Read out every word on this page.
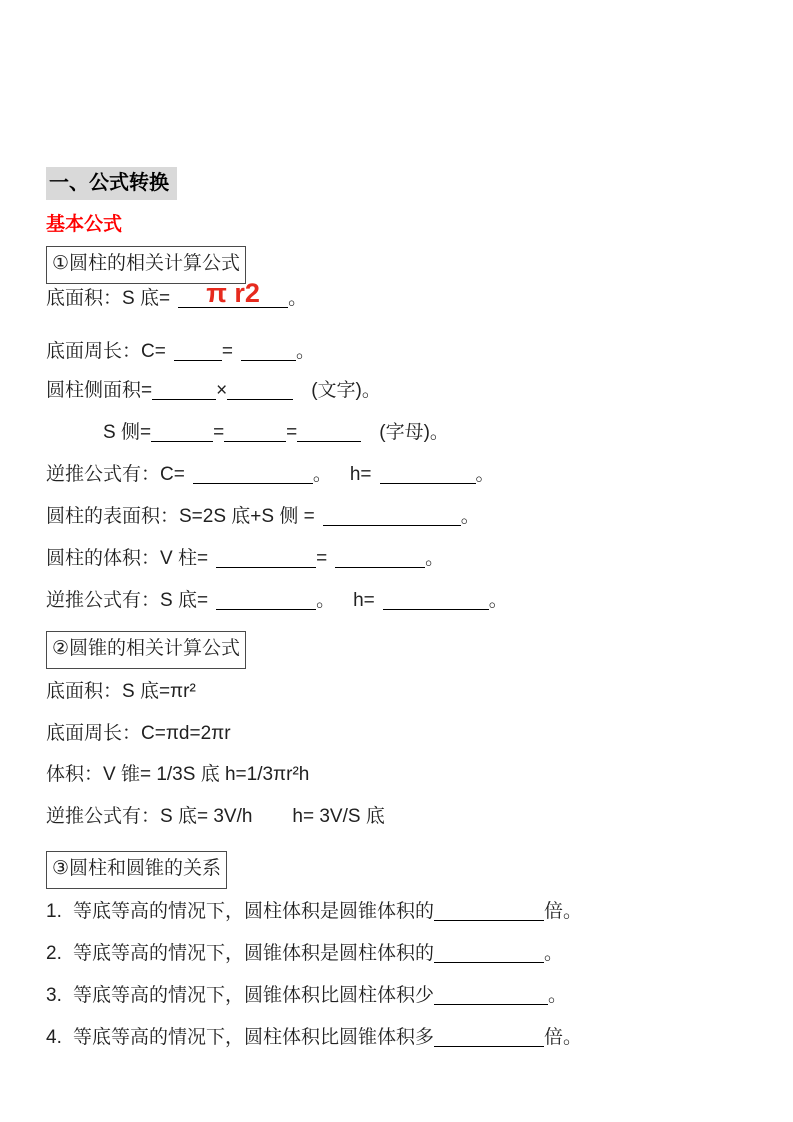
一、公式转换
基本公式
①圆柱的相关计算公式
底面积：S 底=	π r2	。
底面周长：C=	=	。
圆柱侧面积=	×	(文字)。
S 侧=	=	=	(字母)。
逆推公式有：C=	。 h=	。
圆柱的表面积：S=2S 底+S 侧 =	。
圆柱的体积：V 柱=	=	。
逆推公式有：S 底=	。 h=	。
②圆锥的相关计算公式
底面积：S 底=πr²
底面周长：C=πd=2πr
体积：V 锥= 1/3S 底 h=1/3πr²h
逆推公式有：S 底= 3V/h h= 3V/S 底
③圆柱和圆锥的关系
1. 等底等高的情况下，圆柱体积是圆锥体积的	倍。
2. 等底等高的情况下，圆锥体积是圆柱体积的	。
3. 等底等高的情况下，圆锥体积比圆柱体积少	。
4. 等底等高的情况下，圆柱体积比圆锥体积多	倍。
